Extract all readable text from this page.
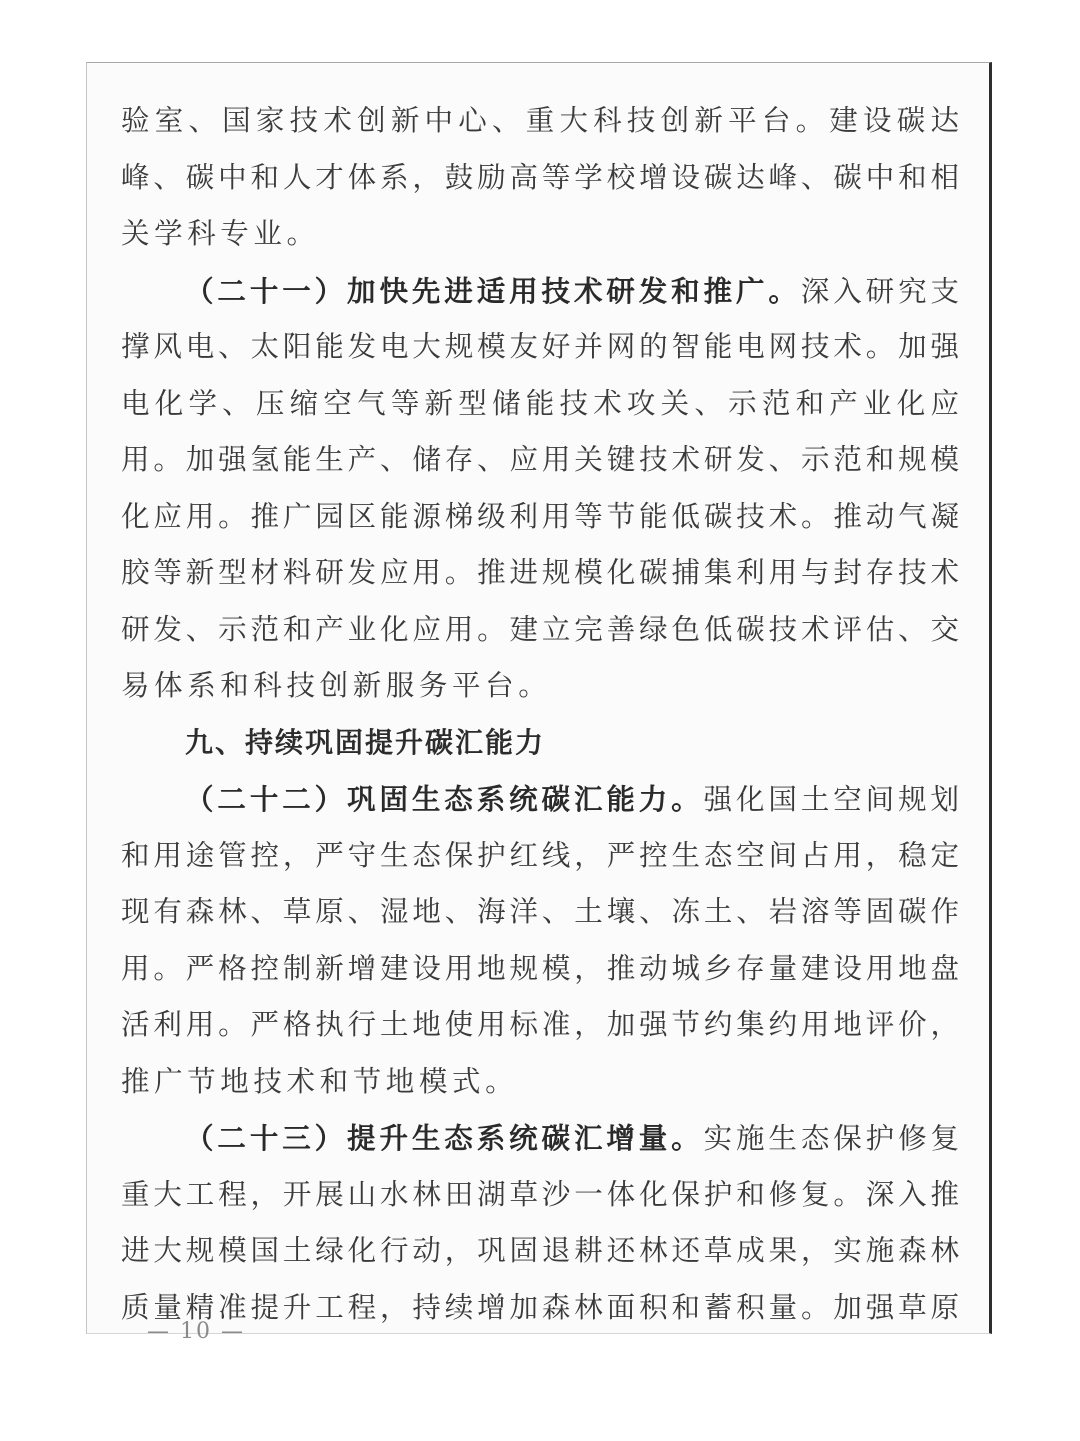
验室、国家技术创新中心、重大科技创新平台。建设碳达
峰、碳中和人才体系，鼓励高等学校增设碳达峰、碳中和相
关学科专业。
（二十一）加快先进适用技术研发和推广。深入研究支
撑风电、太阳能发电大规模友好并网的智能电网技术。加强
电化学、压缩空气等新型储能技术攻关、示范和产业化应
用。加强氢能生产、储存、应用关键技术研发、示范和规模
化应用。推广园区能源梯级利用等节能低碳技术。推动气凝
胶等新型材料研发应用。推进规模化碳捕集利用与封存技术
研发、示范和产业化应用。建立完善绿色低碳技术评估、交
易体系和科技创新服务平台。
九、持续巩固提升碳汇能力
（二十二）巩固生态系统碳汇能力。强化国土空间规划
和用途管控，严守生态保护红线，严控生态空间占用，稳定
现有森林、草原、湿地、海洋、土壤、冻土、岩溶等固碳作
用。严格控制新增建设用地规模，推动城乡存量建设用地盘
活利用。严格执行土地使用标准，加强节约集约用地评价，
推广节地技术和节地模式。
（二十三）提升生态系统碳汇增量。实施生态保护修复
重大工程，开展山水林田湖草沙一体化保护和修复。深入推
进大规模国土绿化行动，巩固退耕还林还草成果，实施森林
质量精准提升工程，持续增加森林面积和蓄积量。加强草原
— 10 —
